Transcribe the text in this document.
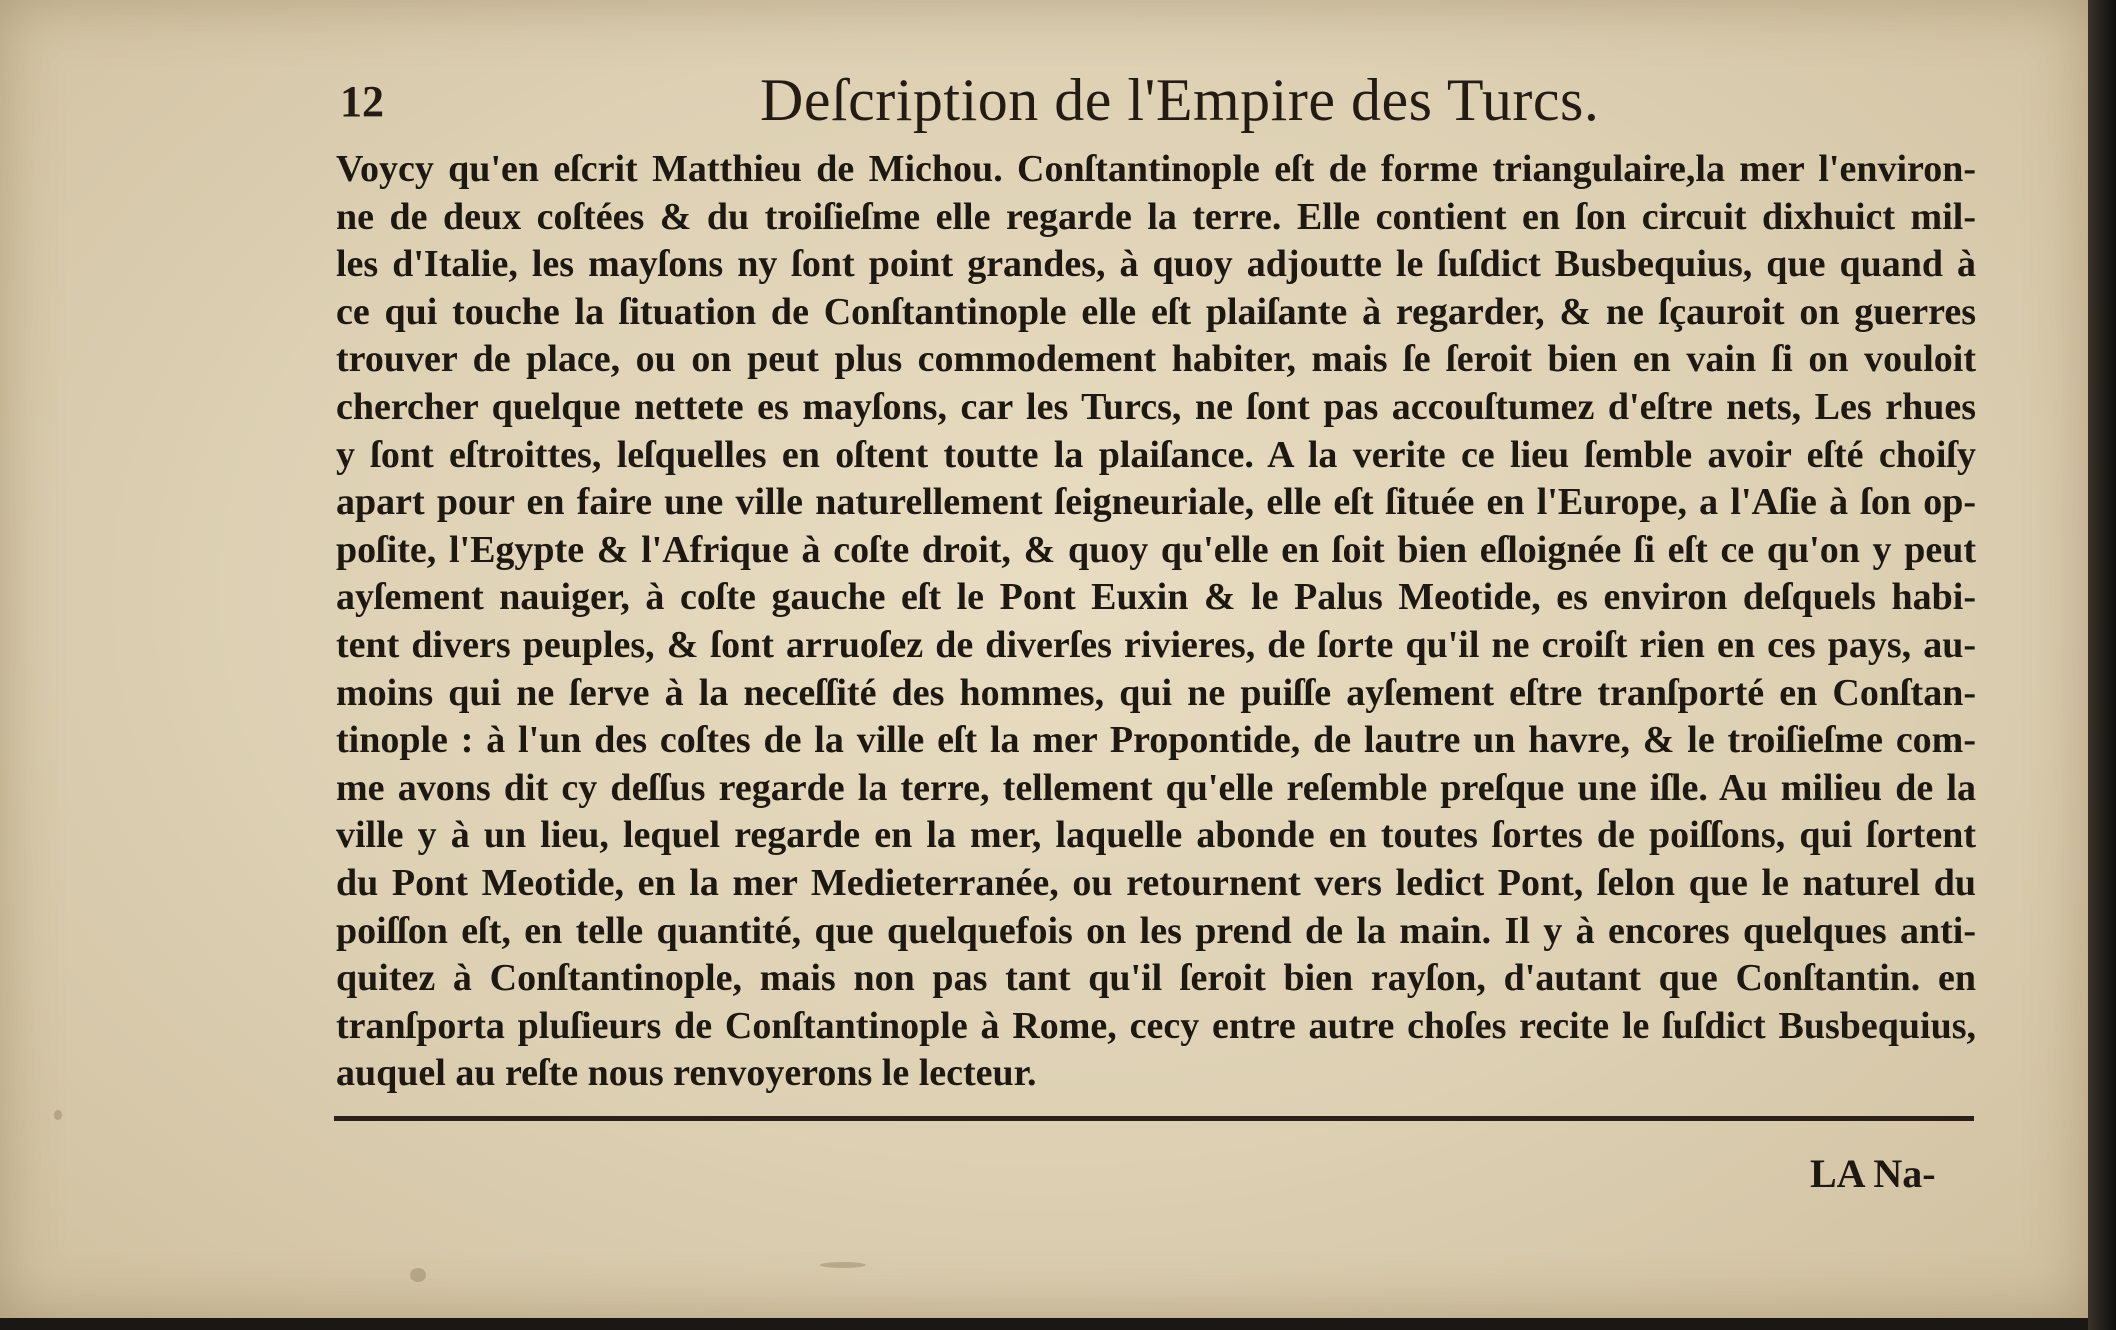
12	Deſcription de l'Empire des Turcs.
Voycy qu'en eſcrit Matthieu de Michou. Conſtantinople eſt de forme triangulaire,la mer l'environ-
ne de deux coſtées & du troiſieſme elle regarde la terre. Elle contient en ſon circuit dixhuict mil-
les d'Italie, les mayſons ny ſont point grandes, à quoy adjoutte le ſuſdict Busbequius, que quand à
ce qui touche la ſituation de Conſtantinople elle eſt plaiſante à regarder, & ne ſçauroit on guerres
trouver de place, ou on peut plus commodement habiter, mais ſe ſeroit bien en vain ſi on vouloit
chercher quelque nettete es mayſons, car les Turcs, ne ſont pas accouſtumez d'eſtre nets, Les rhues
y ſont eſtroittes, leſquelles en oſtent toutte la plaiſance. A la verite ce lieu ſemble avoir eſté choiſy
apart pour en faire une ville naturellement ſeigneuriale, elle eſt ſituée en l'Europe, a l'Aſie à ſon op-
poſite, l'Egypte & l'Afrique à coſte droit, & quoy qu'elle en ſoit bien eſloignée ſi eſt ce qu'on y peut
ayſement nauiger, à coſte gauche eſt le Pont Euxin & le Palus Meotide, es environ deſquels habi-
tent divers peuples, & ſont arruoſez de diverſes rivieres, de ſorte qu'il ne croiſt rien en ces pays, au-
moins qui ne ſerve à la neceſſité des hommes, qui ne puiſſe ayſement eſtre tranſporté en Conſtan-
tinople : à l'un des coſtes de la ville eſt la mer Propontide, de lautre un havre, & le troiſieſme com-
me avons dit cy deſſus regarde la terre, tellement qu'elle reſemble preſque une iſle. Au milieu de la
ville y à un lieu, lequel regarde en la mer, laquelle abonde en toutes ſortes de poiſſons, qui ſortent
du Pont Meotide, en la mer Medieterranée, ou retournent vers ledict Pont, ſelon que le naturel du
poiſſon eſt, en telle quantité, que quelquefois on les prend de la main. Il y à encores quelques anti-
quitez à Conſtantinople, mais non pas tant qu'il ſeroit bien rayſon, d'autant que Conſtantin. en
tranſporta pluſieurs de Conſtantinople à Rome, cecy entre autre choſes recite le ſuſdict Busbequius,
auquel au reſte nous renvoyerons le lecteur.
LA Na-
